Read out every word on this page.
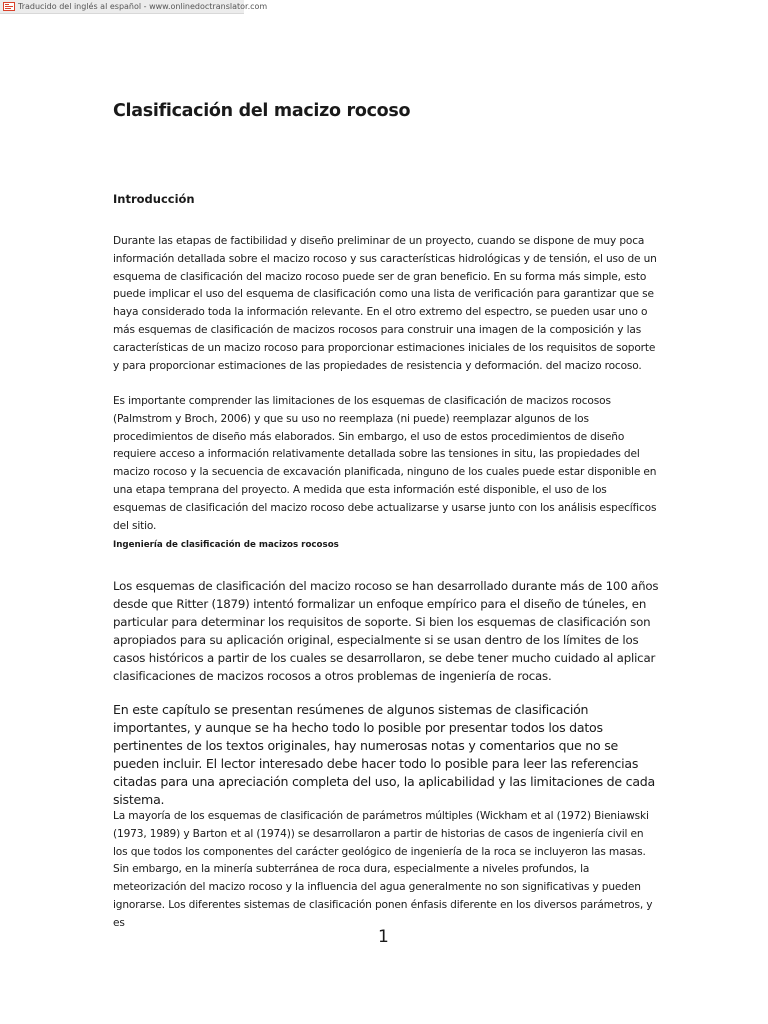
Traducido del inglés al español - www.onlinedoctranslator.com
Clasificación del macizo rocoso
Introducción

Durante las etapas de factibilidad y diseño preliminar de un proyecto, cuando se dispone de muy poca información detallada sobre el macizo rocoso y sus características hidrológicas y de tensión, el uso de un esquema de clasificación del macizo rocoso puede ser de gran beneficio. En su forma más simple, esto puede implicar el uso del esquema de clasificación como una lista de verificación para garantizar que se haya considerado toda la información relevante. En el otro extremo del espectro, se pueden usar uno o más esquemas de clasificación de macizos rocosos para construir una imagen de la composición y las características de un macizo rocoso para proporcionar estimaciones iniciales de los requisitos de soporte y para proporcionar estimaciones de las propiedades de resistencia y deformación. del macizo rocoso.

Es importante comprender las limitaciones de los esquemas de clasificación de macizos rocosos (Palmstrom y Broch, 2006) y que su uso no reemplaza (ni puede) reemplazar algunos de los procedimientos de diseño más elaborados. Sin embargo, el uso de estos procedimientos de diseño requiere acceso a información relativamente detallada sobre las tensiones in situ, las propiedades del macizo rocoso y la secuencia de excavación planificada, ninguno de los cuales puede estar disponible en una etapa temprana del proyecto. A medida que esta información esté disponible, el uso de los esquemas de clasificación del macizo rocoso debe actualizarse y usarse junto con los análisis específicos del sitio.

Ingeniería de clasificación de macizos rocosos

Los esquemas de clasificación del macizo rocoso se han desarrollado durante más de 100 años desde que Ritter (1879) intentó formalizar un enfoque empírico para el diseño de túneles, en particular para determinar los requisitos de soporte. Si bien los esquemas de clasificación son apropiados para su aplicación original, especialmente si se usan dentro de los límites de los casos históricos a partir de los cuales se desarrollaron, se debe tener mucho cuidado al aplicar clasificaciones de macizos rocosos a otros problemas de ingeniería de rocas.

En este capítulo se presentan resúmenes de algunos sistemas de clasificación importantes, y aunque se ha hecho todo lo posible por presentar todos los datos pertinentes de los textos originales, hay numerosas notas y comentarios que no se pueden incluir. El lector interesado debe hacer todo lo posible para leer las referencias citadas para una apreciación completa del uso, la aplicabilidad y las limitaciones de cada sistema.

La mayoría de los esquemas de clasificación de parámetros múltiples (Wickham et al (1972) Bieniawski (1973, 1989) y Barton et al (1974)) se desarrollaron a partir de historias de casos de ingeniería civil en los que todos los componentes del carácter geológico de ingeniería de la roca se incluyeron las masas. Sin embargo, en la minería subterránea de roca dura, especialmente a niveles profundos, la meteorización del macizo rocoso y la influencia del agua generalmente no son significativas y pueden ignorarse. Los diferentes sistemas de clasificación ponen énfasis diferente en los diversos parámetros, y es

1
